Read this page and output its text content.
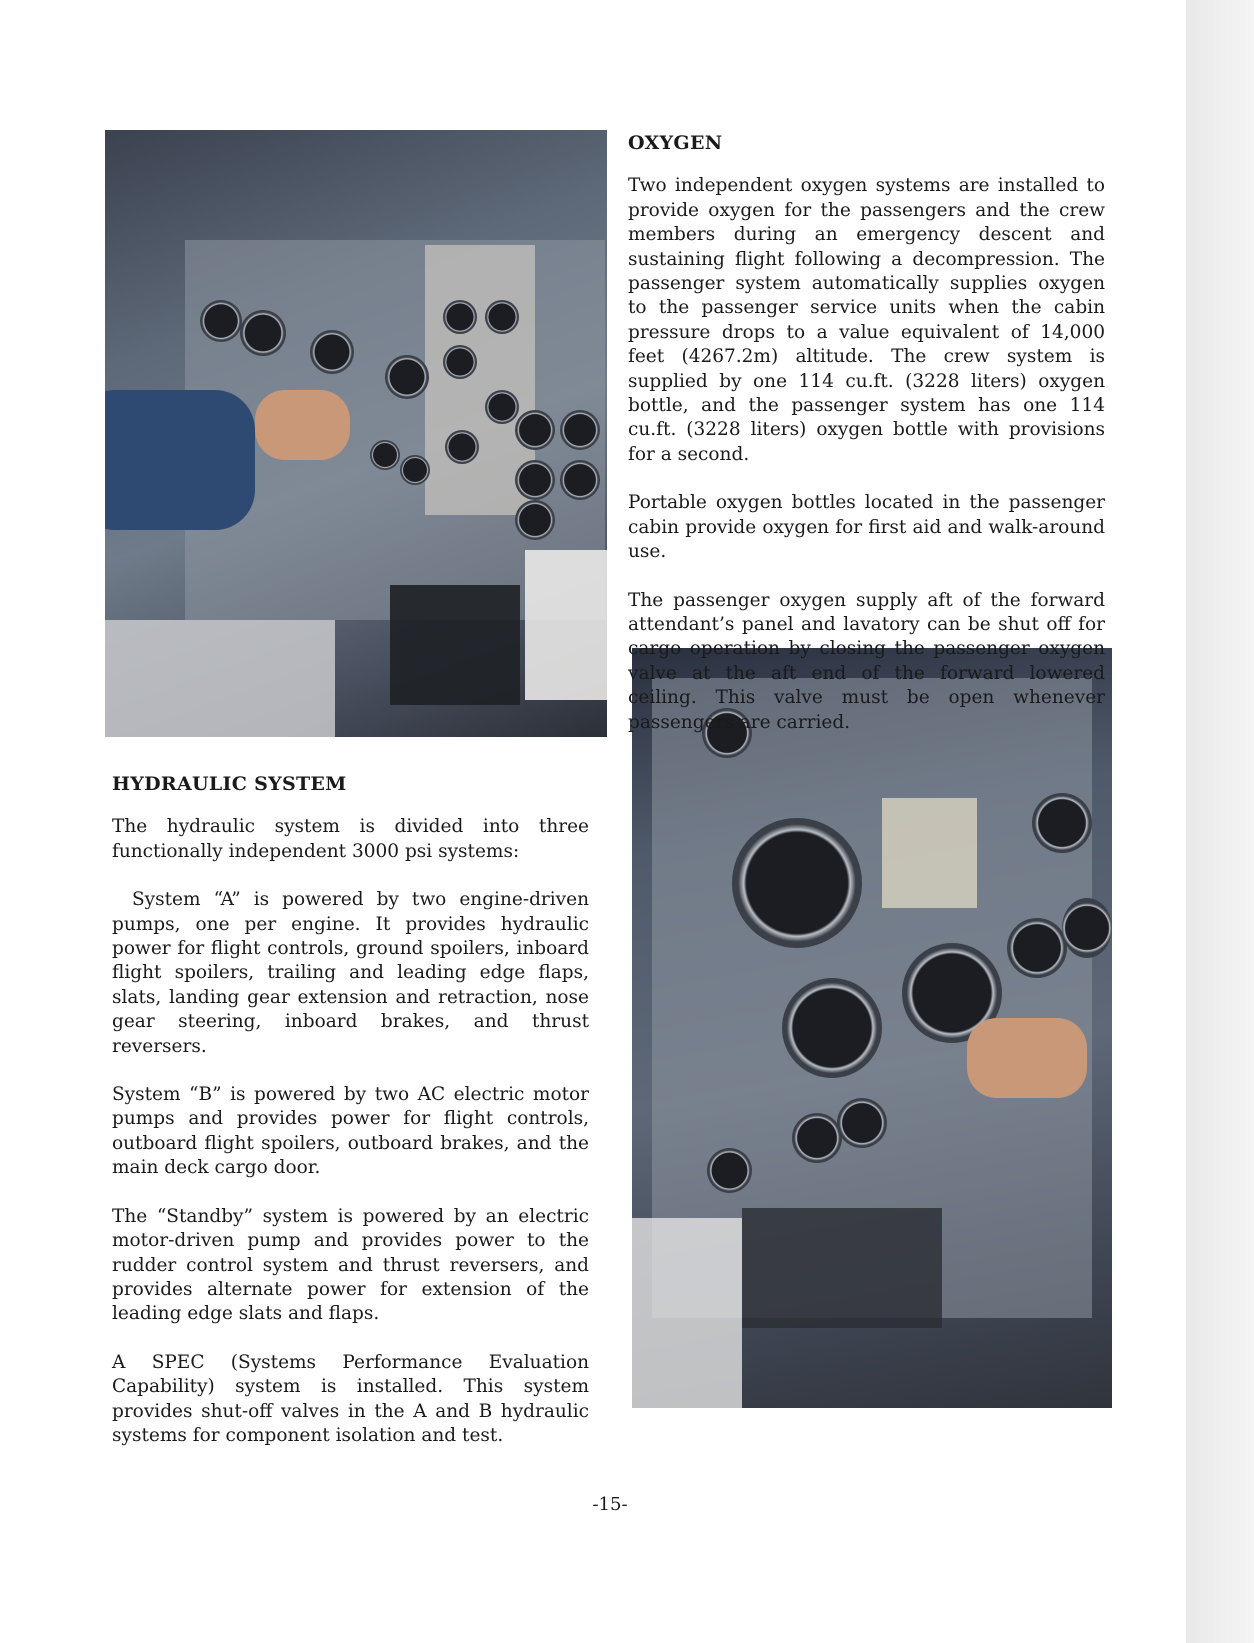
OXYGEN

Two independent oxygen systems are installed to provide oxygen for the passengers and the crew members during an emergency descent and sustaining flight following a decompression. The passenger system automatically supplies oxygen to the passenger service units when the cabin pressure drops to a value equivalent of 14,000 feet (4267.2m) altitude. The crew system is supplied by one 114 cu.ft. (3228 liters) oxygen bottle, and the passenger system has one 114 cu.ft. (3228 liters) oxygen bottle with provisions for a second.

Portable oxygen bottles located in the passenger cabin provide oxygen for first aid and walk-around use.

The passenger oxygen supply aft of the forward attendant’s panel and lavatory can be shut off for cargo operation by closing the passenger oxygen valve at the aft end of the forward lowered ceiling. This valve must be open whenever passengers are carried.

HYDRAULIC SYSTEM

The hydraulic system is divided into three functionally independent 3000 psi systems:

System “A” is powered by two engine-driven pumps, one per engine. It provides hydraulic power for flight controls, ground spoilers, inboard flight spoilers, trailing and leading edge flaps, slats, landing gear extension and retraction, nose gear steering, inboard brakes, and thrust reversers.

System “B” is powered by two AC electric motor pumps and provides power for flight controls, outboard flight spoilers, outboard brakes, and the main deck cargo door.

The “Standby” system is powered by an electric motor-driven pump and provides power to the rudder control system and thrust reversers, and provides alternate power for extension of the leading edge slats and flaps.

A SPEC (Systems Performance Evaluation Capability) system is installed. This system provides shut-off valves in the A and B hydraulic systems for component isolation and test.

-15-
